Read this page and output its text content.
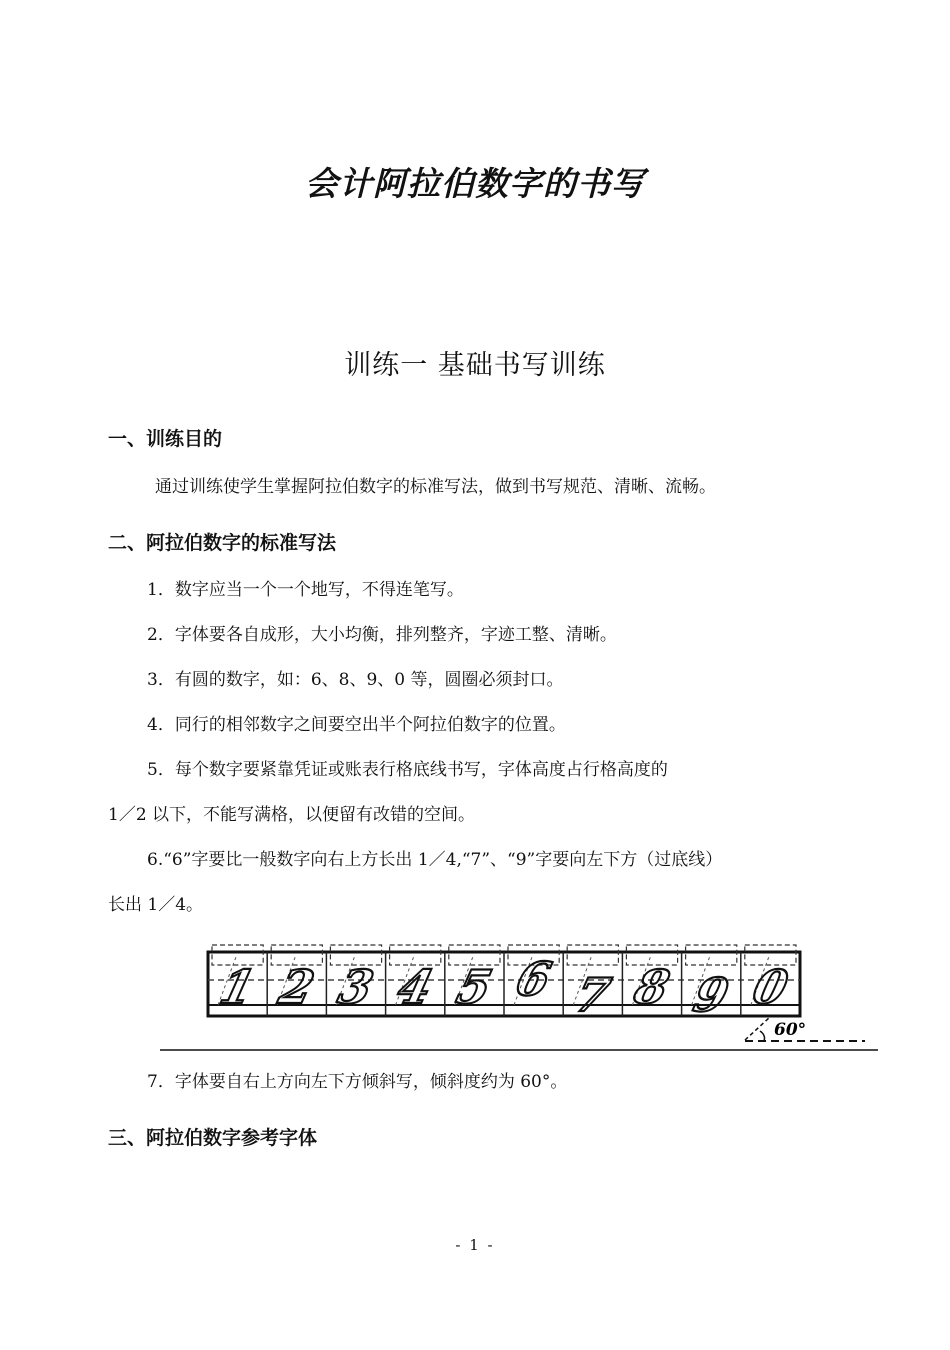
会计阿拉伯数字的书写
训练一 基础书写训练
一、训练目的
通过训练使学生掌握阿拉伯数字的标准写法，做到书写规范、清晰、流畅。
二、阿拉伯数字的标准写法
1．数字应当一个一个地写，不得连笔写。
2．字体要各自成形，大小均衡，排列整齐，字迹工整、清晰。
3．有圆的数字，如：6、8、9、0 等，圆圈必须封口。
4．同行的相邻数字之间要空出半个阿拉伯数字的位置。
5．每个数字要紧靠凭证或账表行格底线书写，字体高度占行格高度的
1／2 以下，不能写满格，以便留有改错的空间。
6.“6”字要比一般数字向右上方长出 1／4,“7”、“9”字要向左下方（过底线）
长出 1／4。
1 2 3 4 5 6 7 8 9 0
60°
7．字体要自右上方向左下方倾斜写，倾斜度约为 60°。
三、阿拉伯数字参考字体
- 1 -
